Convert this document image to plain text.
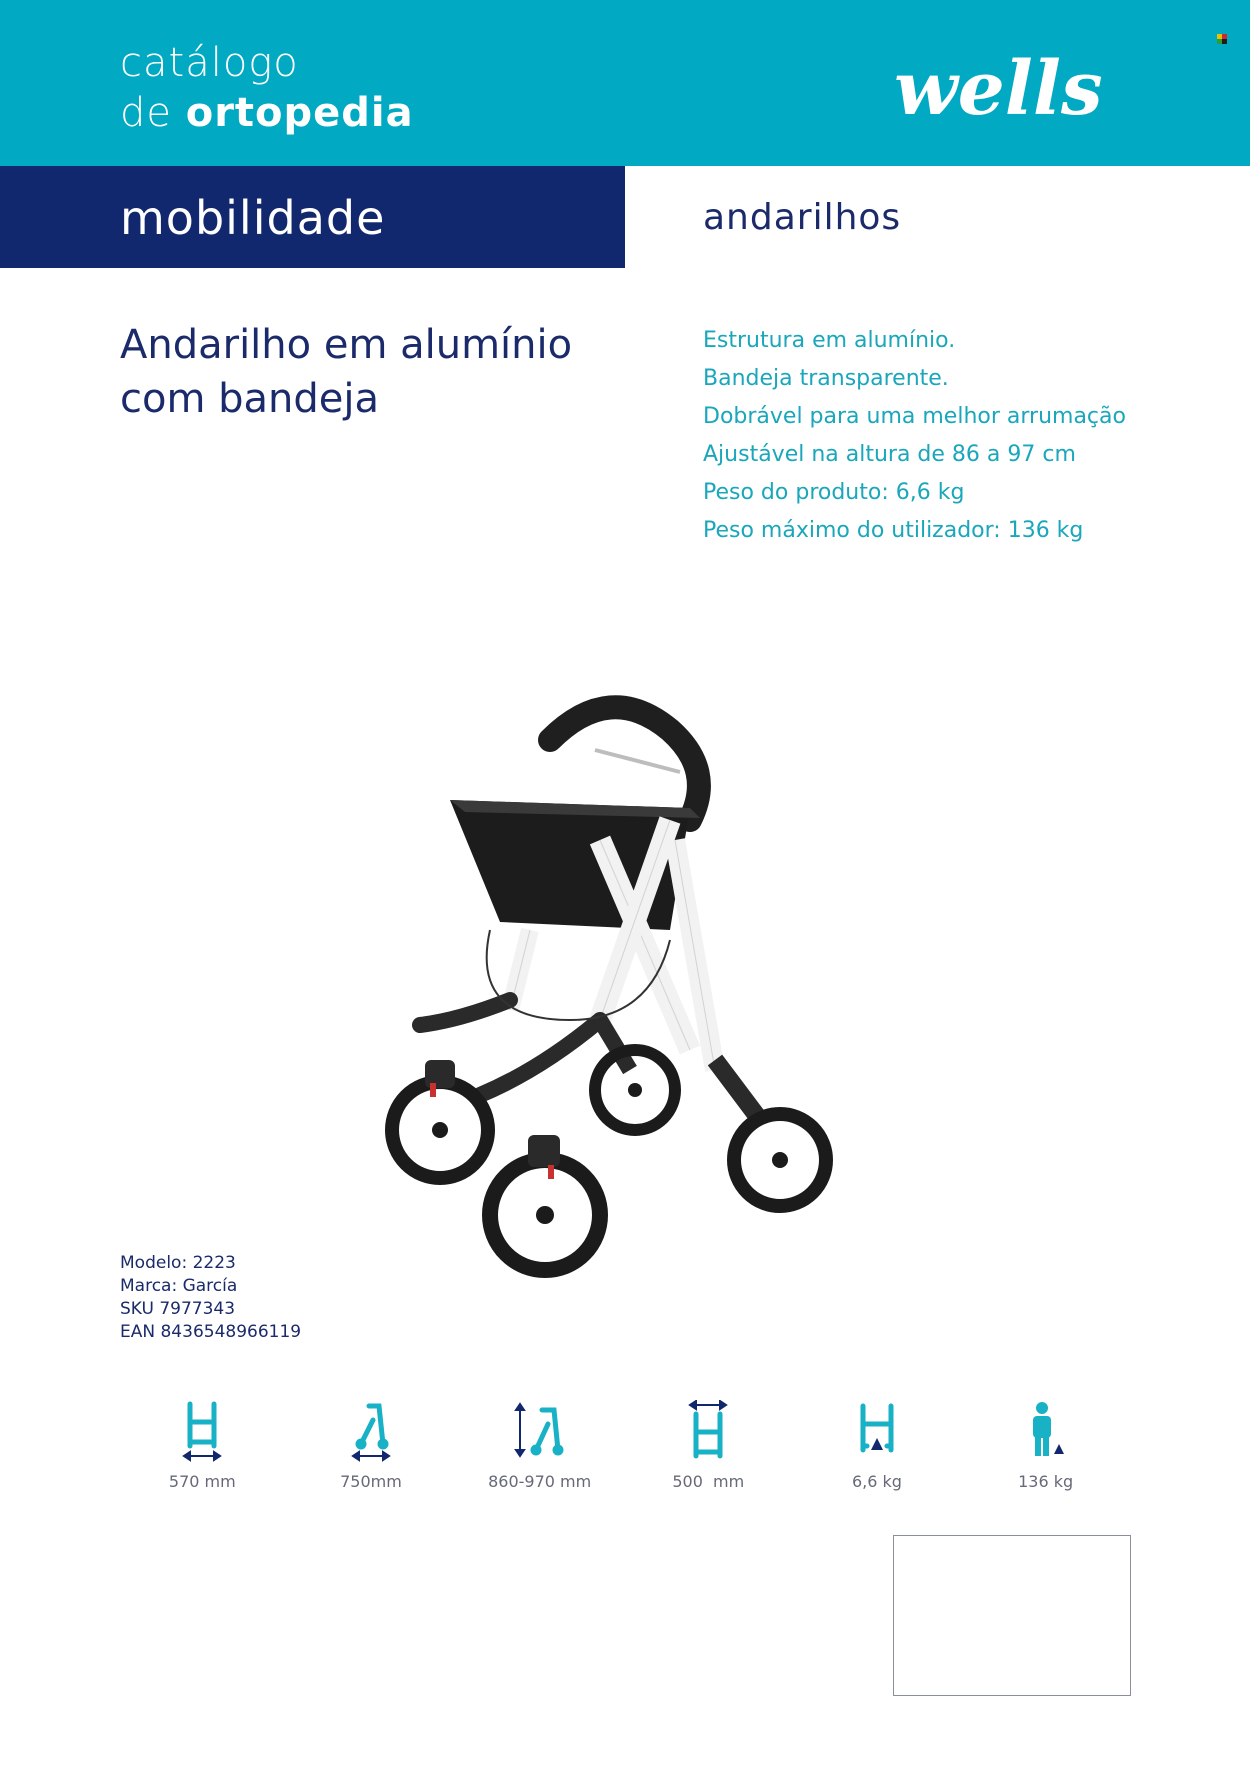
catálogo
de ortopedia	wells
mobilidade	andarilhos
Andarilho em alumínio
com bandeja
Estrutura em alumínio.
Bandeja transparente.
Dobrável para uma melhor arrumação
Ajustável na altura de 86 a 97 cm
Peso do produto: 6,6 kg
Peso máximo do utilizador: 136 kg
Modelo: 2223
Marca: García
SKU 7977343
EAN 8436548966119
570 mm	750mm	860-970 mm	500  mm	6,6 kg	136 kg
